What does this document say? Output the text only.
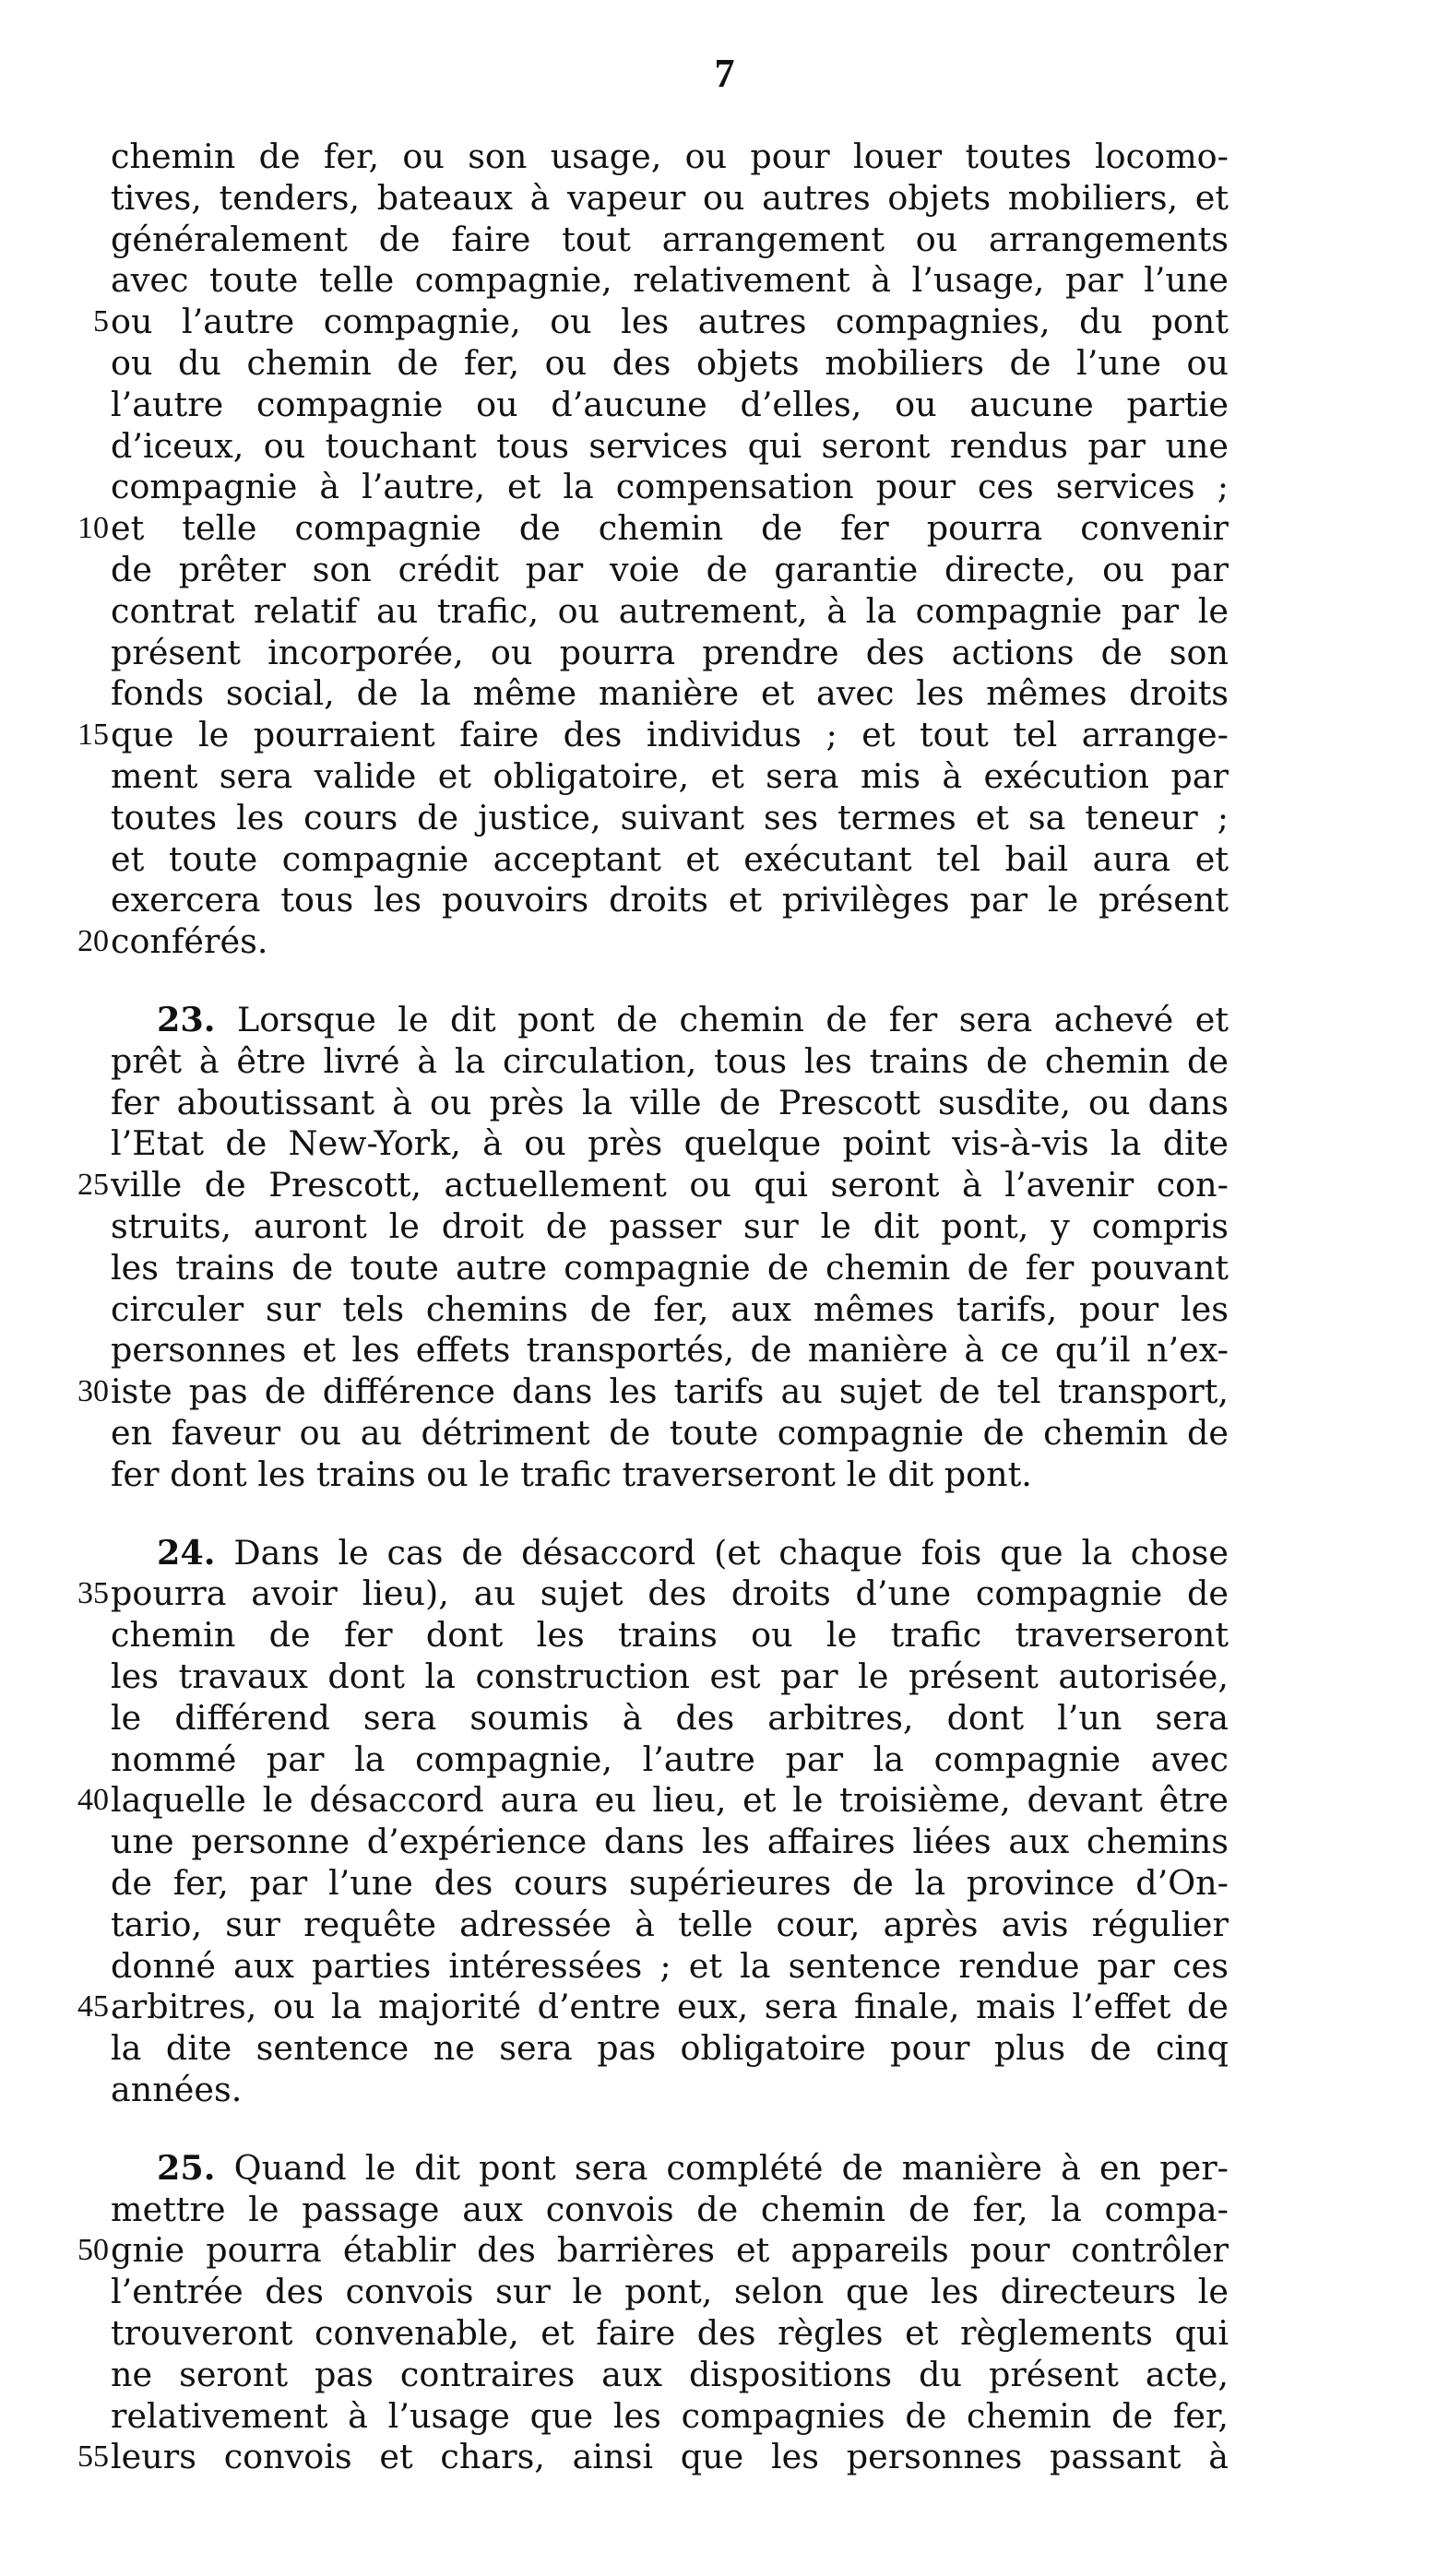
7
chemin de fer, ou son usage, ou pour louer toutes locomo-
tives, tenders, bateaux à vapeur ou autres objets mobiliers, et
généralement de faire tout arrangement ou arrangements
avec toute telle compagnie, relativement à l’usage, par l’une
ou l’autre compagnie, ou les autres compagnies, du pont
5
ou du chemin de fer, ou des objets mobiliers de l’une ou
l’autre compagnie ou d’aucune d’elles, ou aucune partie
d’iceux, ou touchant tous services qui seront rendus par une
compagnie à l’autre, et la compensation pour ces services ;
et telle compagnie de chemin de fer pourra convenir
10
de prêter son crédit par voie de garantie directe, ou par
contrat relatif au trafic, ou autrement, à la compagnie par le
présent incorporée, ou pourra prendre des actions de son
fonds social, de la même manière et avec les mêmes droits
que le pourraient faire des individus ; et tout tel arrange-
15
ment sera valide et obligatoire, et sera mis à exécution par
toutes les cours de justice, suivant ses termes et sa teneur ;
et toute compagnie acceptant et exécutant tel bail aura et
exercera tous les pouvoirs droits et privilèges par le présent
conférés.
20
23. Lorsque le dit pont de chemin de fer sera achevé et
prêt à être livré à la circulation, tous les trains de chemin de
fer aboutissant à ou près la ville de Prescott susdite, ou dans
l’Etat de New-York, à ou près quelque point vis-à-vis la dite
ville de Prescott, actuellement ou qui seront à l’avenir con-
25
struits, auront le droit de passer sur le dit pont, y compris
les trains de toute autre compagnie de chemin de fer pouvant
circuler sur tels chemins de fer, aux mêmes tarifs, pour les
personnes et les effets transportés, de manière à ce qu’il n’ex-
iste pas de différence dans les tarifs au sujet de tel transport,
30
en faveur ou au détriment de toute compagnie de chemin de
fer dont les trains ou le trafic traverseront le dit pont.
24. Dans le cas de désaccord (et chaque fois que la chose
pourra avoir lieu), au sujet des droits d’une compagnie de
35
chemin de fer dont les trains ou le trafic traverseront
les travaux dont la construction est par le présent autorisée,
le différend sera soumis à des arbitres, dont l’un sera
nommé par la compagnie, l’autre par la compagnie avec
laquelle le désaccord aura eu lieu, et le troisième, devant être
40
une personne d’expérience dans les affaires liées aux chemins
de fer, par l’une des cours supérieures de la province d’On-
tario, sur requête adressée à telle cour, après avis régulier
donné aux parties intéressées ; et la sentence rendue par ces
arbitres, ou la majorité d’entre eux, sera finale, mais l’effet de
45
la dite sentence ne sera pas obligatoire pour plus de cinq
années.
25. Quand le dit pont sera complété de manière à en per-
mettre le passage aux convois de chemin de fer, la compa-
gnie pourra établir des barrières et appareils pour contrôler
50
l’entrée des convois sur le pont, selon que les directeurs le
trouveront convenable, et faire des règles et règlements qui
ne seront pas contraires aux dispositions du présent acte,
relativement à l’usage que les compagnies de chemin de fer,
leurs convois et chars, ainsi que les personnes passant à
55
